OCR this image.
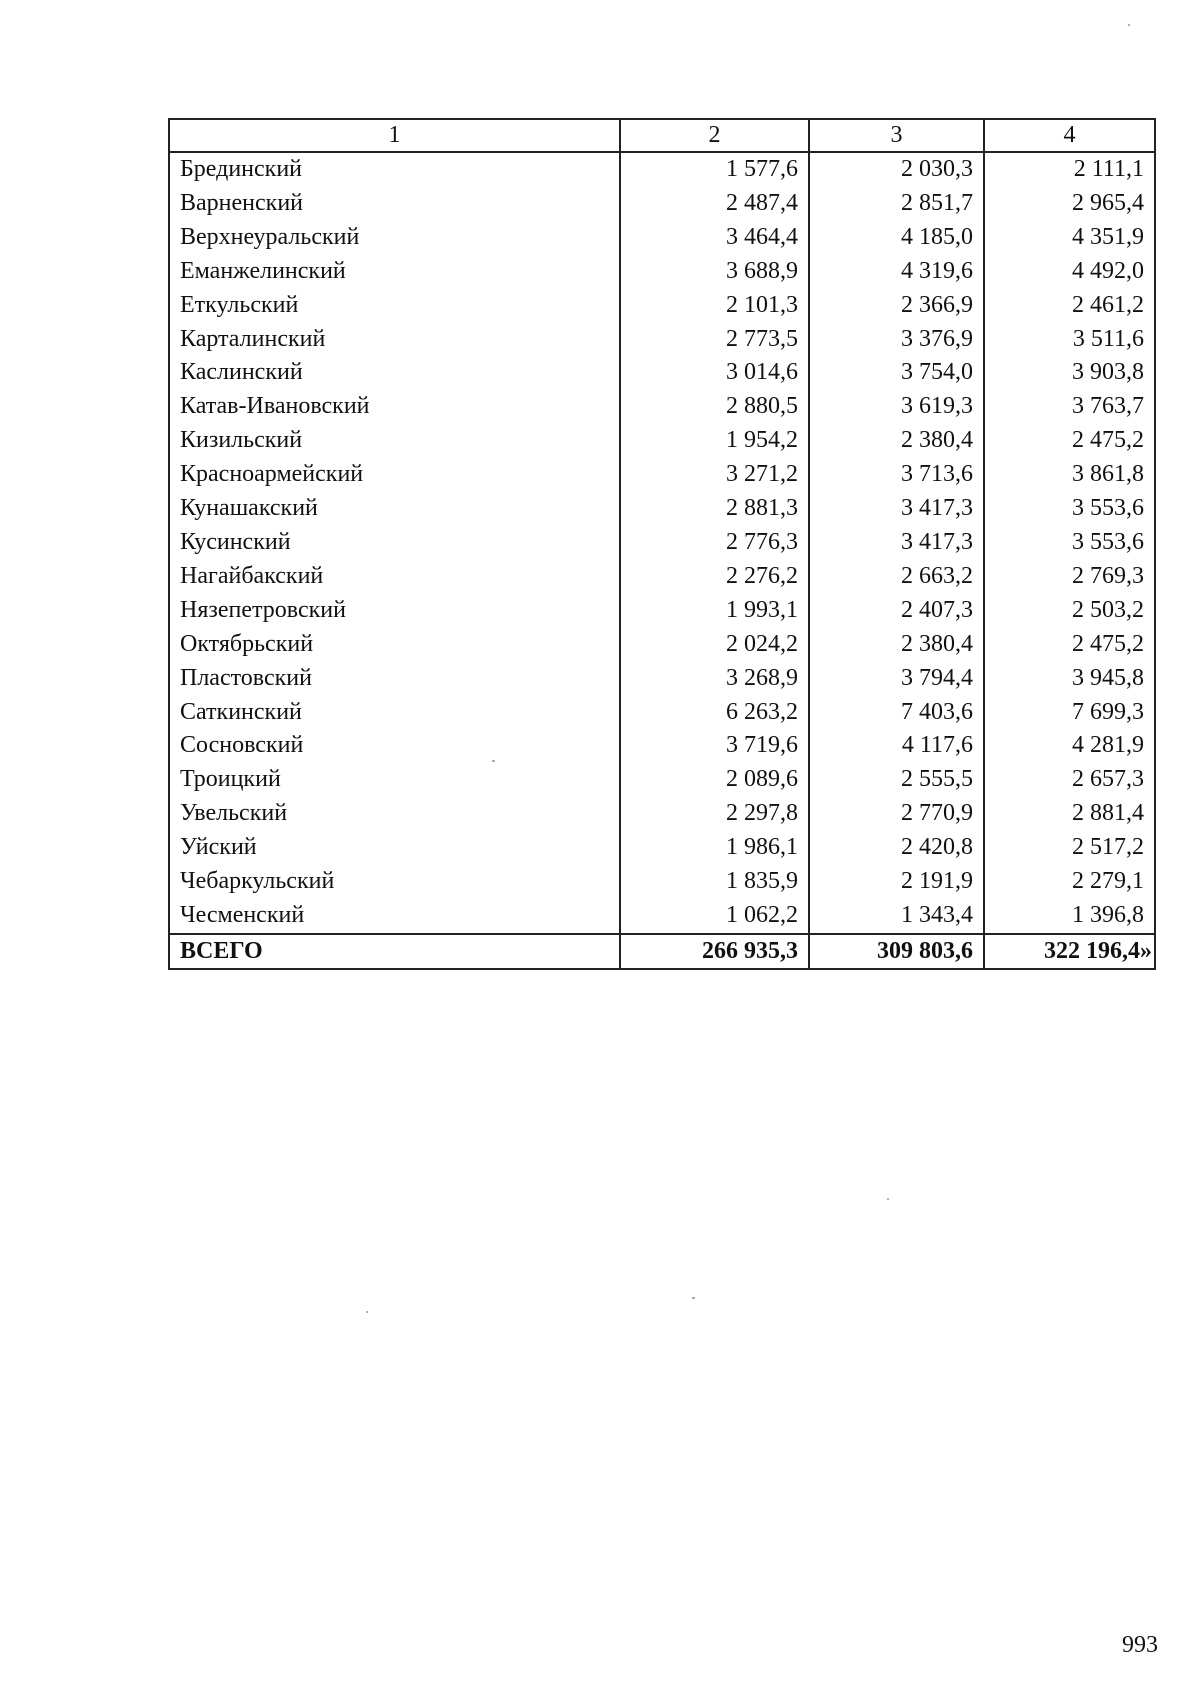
1	2	3	4
Брединский	1 577,6	2 030,3	2 111,1
Варненский	2 487,4	2 851,7	2 965,4
Верхнеуральский	3 464,4	4 185,0	4 351,9
Еманжелинский	3 688,9	4 319,6	4 492,0
Еткульский	2 101,3	2 366,9	2 461,2
Карталинский	2 773,5	3 376,9	3 511,6
Каслинский	3 014,6	3 754,0	3 903,8
Катав-Ивановский	2 880,5	3 619,3	3 763,7
Кизильский	1 954,2	2 380,4	2 475,2
Красноармейский	3 271,2	3 713,6	3 861,8
Кунашакский	2 881,3	3 417,3	3 553,6
Кусинский	2 776,3	3 417,3	3 553,6
Нагайбакский	2 276,2	2 663,2	2 769,3
Нязепетровский	1 993,1	2 407,3	2 503,2
Октябрьский	2 024,2	2 380,4	2 475,2
Пластовский	3 268,9	3 794,4	3 945,8
Саткинский	6 263,2	7 403,6	7 699,3
Сосновский	3 719,6	4 117,6	4 281,9
Троицкий	2 089,6	2 555,5	2 657,3
Увельский	2 297,8	2 770,9	2 881,4
Уйский	1 986,1	2 420,8	2 517,2
Чебаркульский	1 835,9	2 191,9	2 279,1
Чесменский	1 062,2	1 343,4	1 396,8
ВСЕГО	266 935,3	309 803,6	322 196,4»
993
